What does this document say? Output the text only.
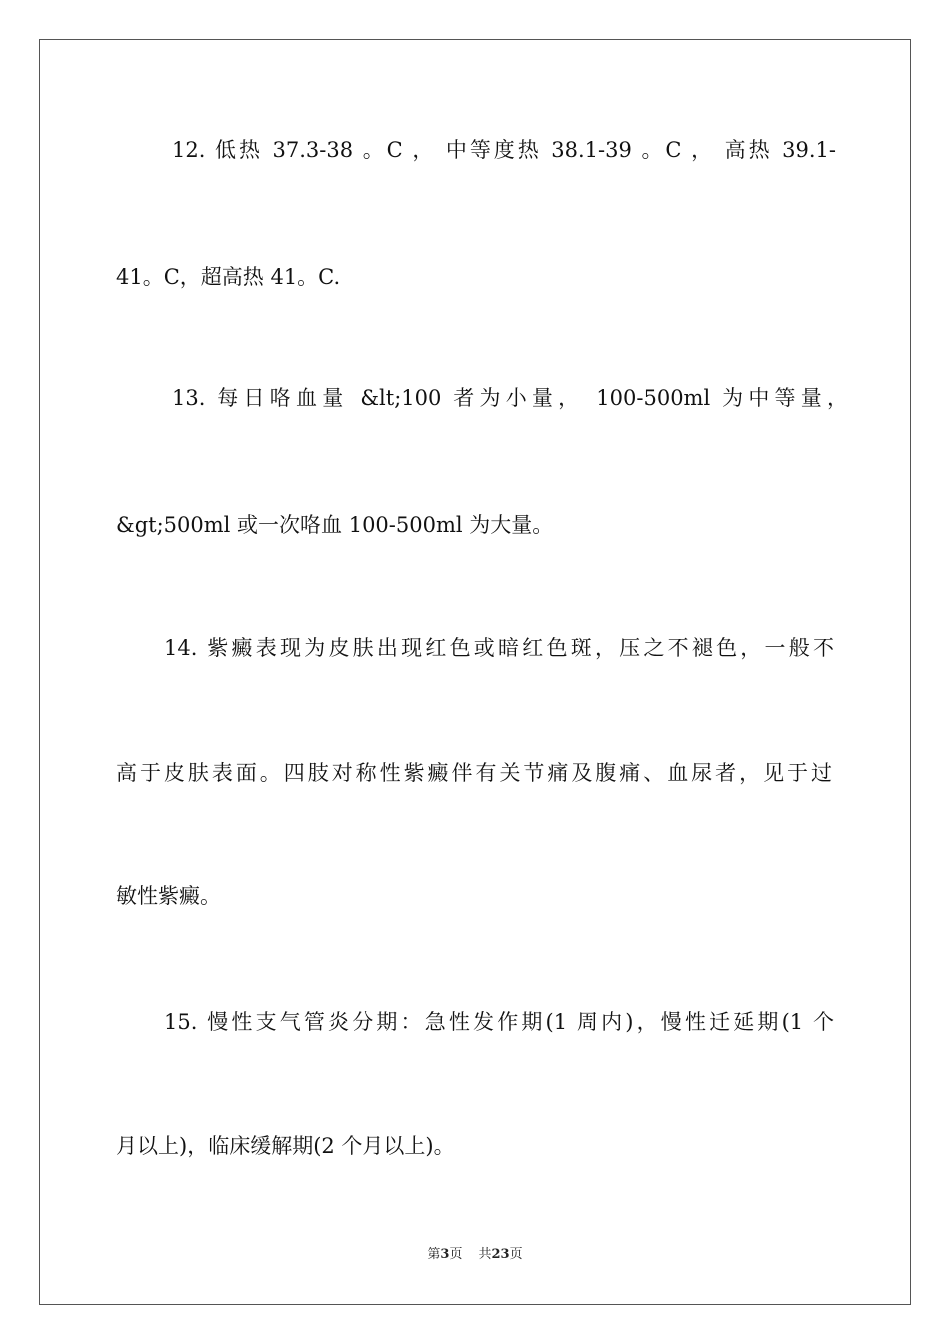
12. 低热 37.3-38 。C ， 中等度热 38.1-39 。C ， 高热 39.1-
41。C，超高热 41。C.
13. 每日咯血量 &lt;100 者为小量， 100-500ml 为中等量，
&gt;500ml 或一次咯血 100-500ml 为大量。
14. 紫癜表现为皮肤出现红色或暗红色斑，压之不褪色，一般不
高于皮肤表面。四肢对称性紫癜伴有关节痛及腹痛、血尿者，见于过
敏性紫癜。
15. 慢性支气管炎分期：急性发作期(1 周内)，慢性迁延期(1 个
月以上)，临床缓解期(2 个月以上)。
第3页 共23页
